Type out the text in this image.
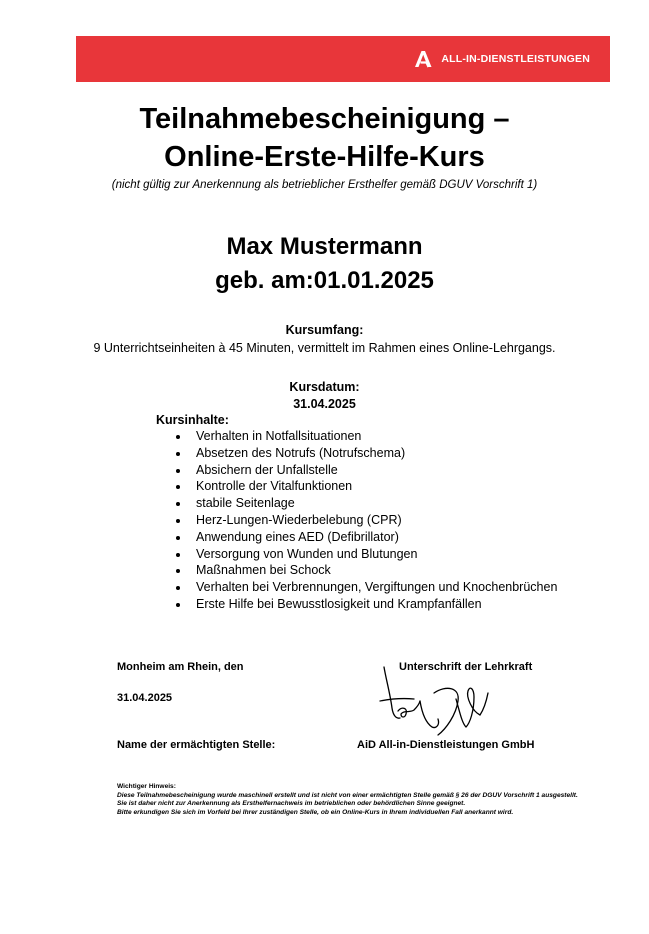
ALL-IN-DIENSTLEISTUNGEN
Teilnahmebescheinigung –
Online-Erste-Hilfe-Kurs
(nicht gültig zur Anerkennung als betrieblicher Ersthelfer gemäß DGUV Vorschrift 1)
Max Mustermann
geb. am:01.01.2025
Kursumfang:
9 Unterrichtseinheiten à 45 Minuten, vermittelt im Rahmen eines Online-Lehrgangs.
Kursdatum:
31.04.2025
Kursinhalte:
Verhalten in Notfallsituationen
Absetzen des Notrufs (Notrufschema)
Absichern der Unfallstelle
Kontrolle der Vitalfunktionen
stabile Seitenlage
Herz-Lungen-Wiederbelebung (CPR)
Anwendung eines AED (Defibrillator)
Versorgung von Wunden und Blutungen
Maßnahmen bei Schock
Verhalten bei Verbrennungen, Vergiftungen und Knochenbrüchen
Erste Hilfe bei Bewusstlosigkeit und Krampfanfällen
Monheim am Rhein, den	Unterschrift der Lehrkraft
31.04.2025
Name der ermächtigten Stelle:	AiD All-in-Dienstleistungen GmbH
Wichtiger Hinweis:
Diese Teilnahmebescheinigung wurde maschinell erstellt und ist nicht von einer ermächtigten Stelle gemäß § 26 der DGUV Vorschrift 1 ausgestellt.
Sie ist daher nicht zur Anerkennung als Ersthelfernachweis im betrieblichen oder behördlichen Sinne geeignet.
Bitte erkundigen Sie sich im Vorfeld bei Ihrer zuständigen Stelle, ob ein Online-Kurs in Ihrem individuellen Fall anerkannt wird.
